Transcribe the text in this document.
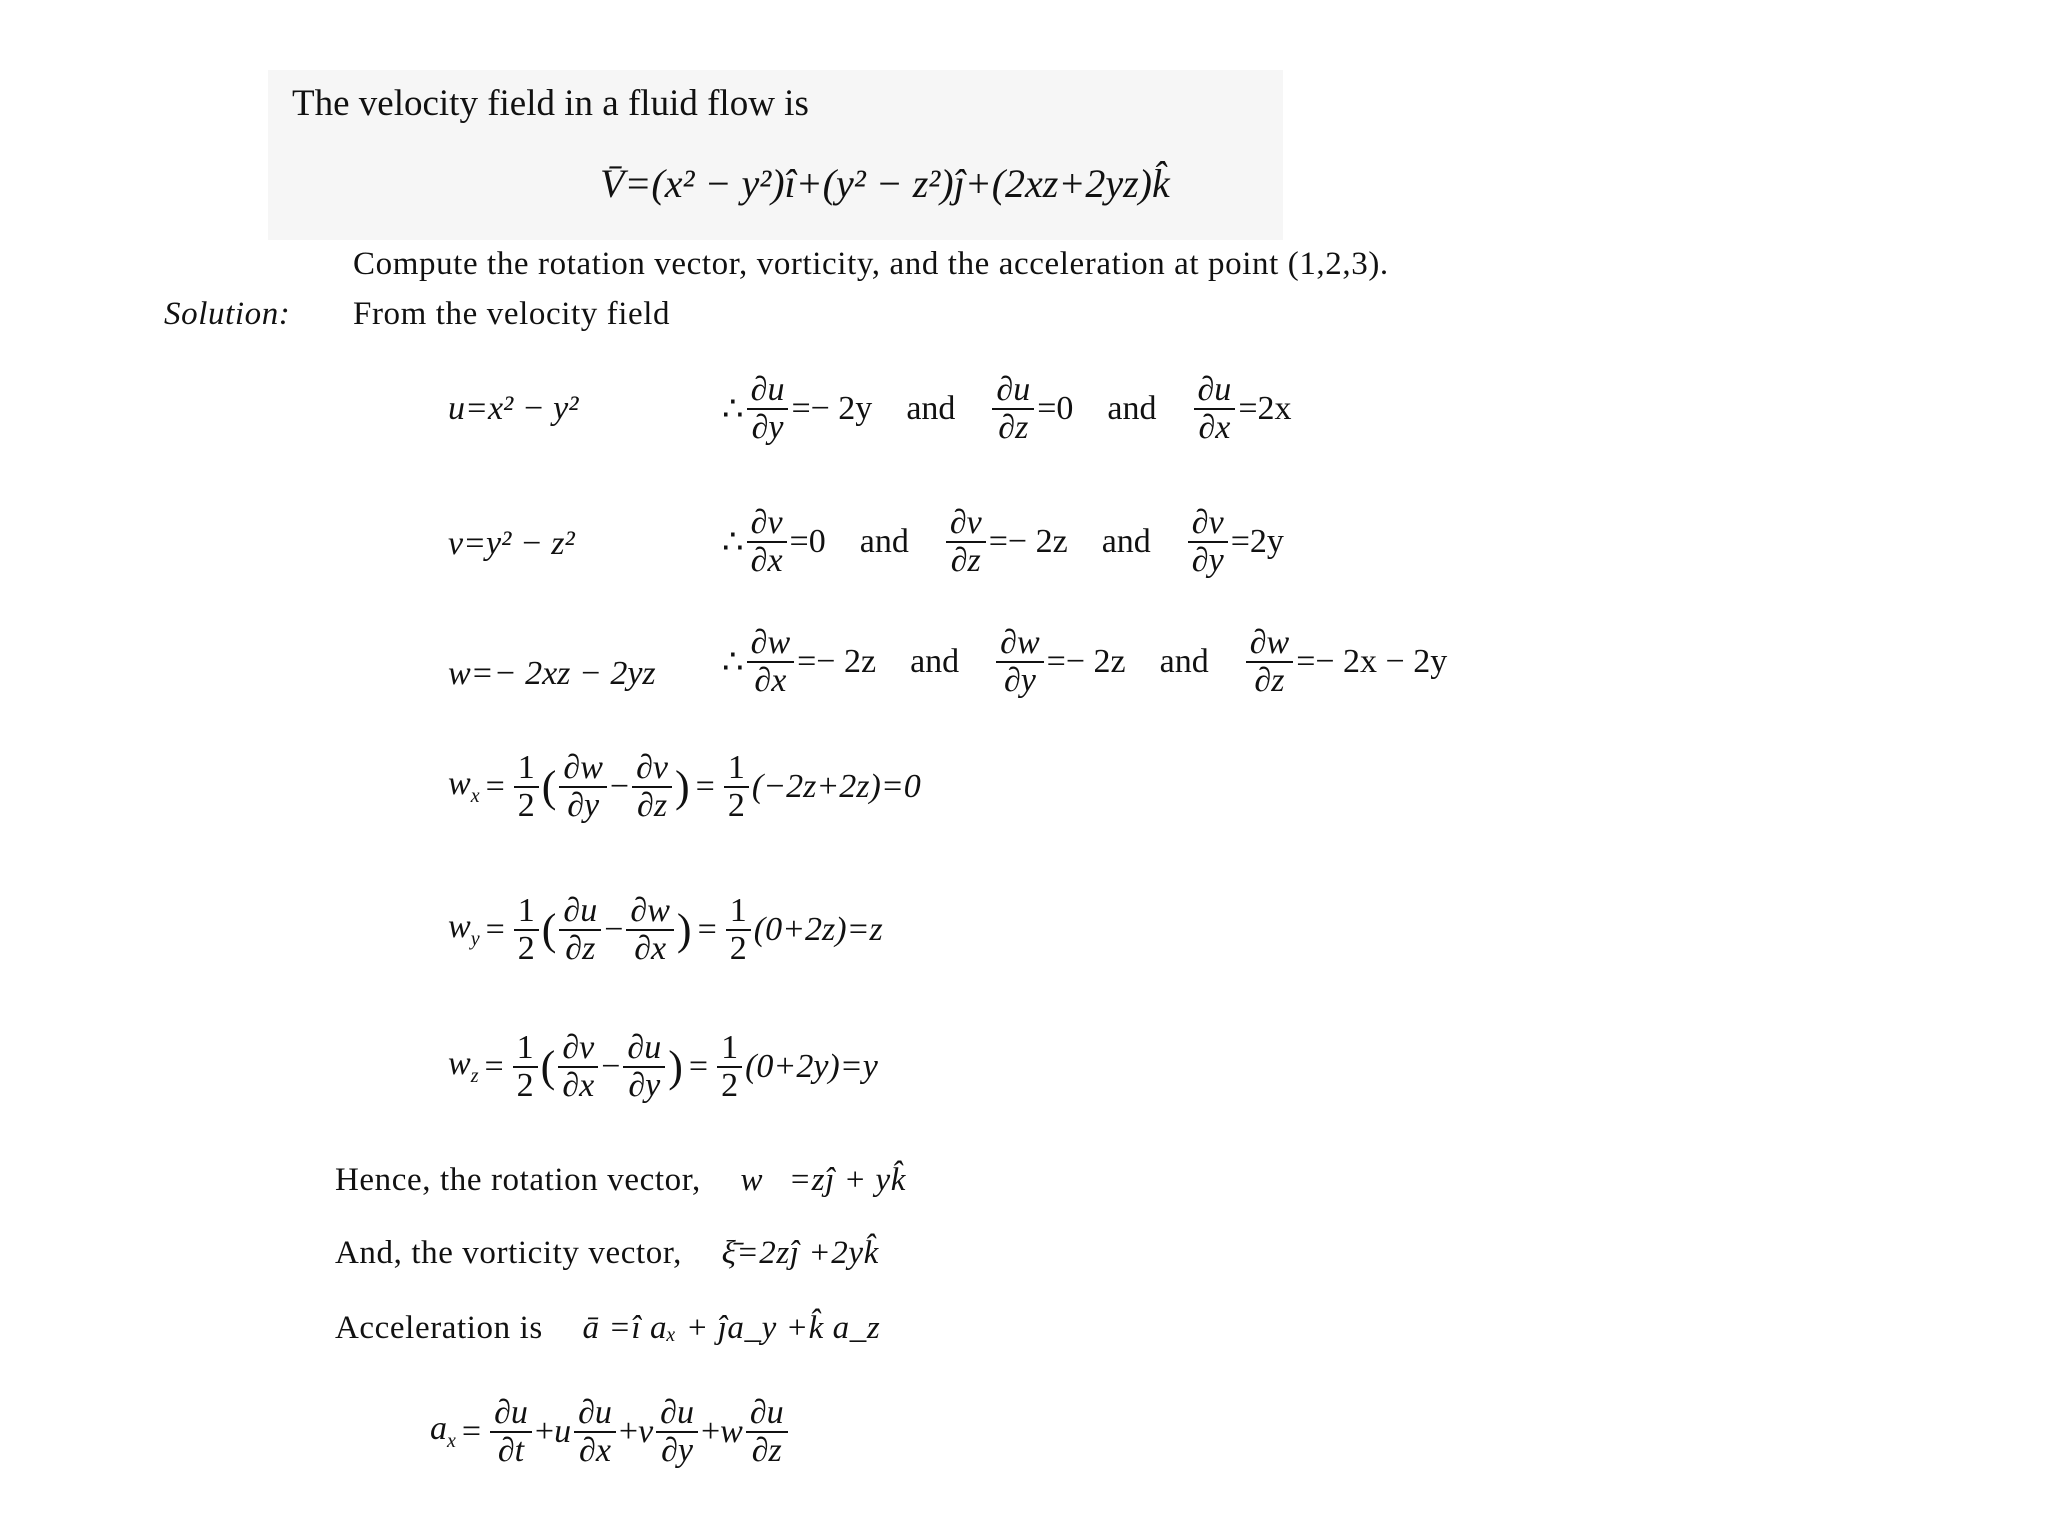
The velocity field in a fluid flow is
V̄=(x² − y²)î+(y² − z²)ĵ+(2xz+2yz)k̂
Compute the rotation vector, vorticity, and the acceleration at point (1,2,3).
Solution: From the velocity field
u=x² − y²	∴ $\frac{\partial u}{\partial y} =- 2y$ and $\frac{\partial u}{\partial z} =0$ and $\frac{\partial u}{\partial x} =2x$
v=y² − z²	∴ $\frac{\partial v}{\partial x} =0$ and $\frac{\partial v}{\partial z} =- 2z$ and $\frac{\partial v}{\partial y} =2y$
w=− 2xz − 2yz ∴ $\frac{\partial w}{\partial x} =- 2z$ and $\frac{\partial w}{\partial y} =- 2z$ and $\frac{\partial w}{\partial z} =- 2x - 2y$
$w_x = \frac{1}{2}$ ( $\frac{\partial w}{\partial y} - \frac{\partial v}{\partial z}$ ) = $\frac{1}{2} (-2z+2z)=0$
$w_y = \frac{1}{2}$ ( $\frac{\partial u}{\partial z} - \frac{\partial w}{\partial x}$ ) = $\frac{1}{2} (0+2z)=z$
$w_z = \frac{1}{2}$ ( $\frac{\partial v}{\partial x} - \frac{\partial u}{\partial y}$ ) = $\frac{1}{2} (0+2y)=y$
Hence, the rotation vector, w⃗=zĵ + yk̂
And, the vorticity vector, ξ̄=2zĵ +2yk̂
Acceleration is ā =î aₓ + ĵa_y +k̂ a_z
$a_x = \frac{\partial u}{\partial t} +u \frac{\partial u}{\partial x} +v \frac{\partial u}{\partial y} +w \frac{\partial u}{\partial z}$
